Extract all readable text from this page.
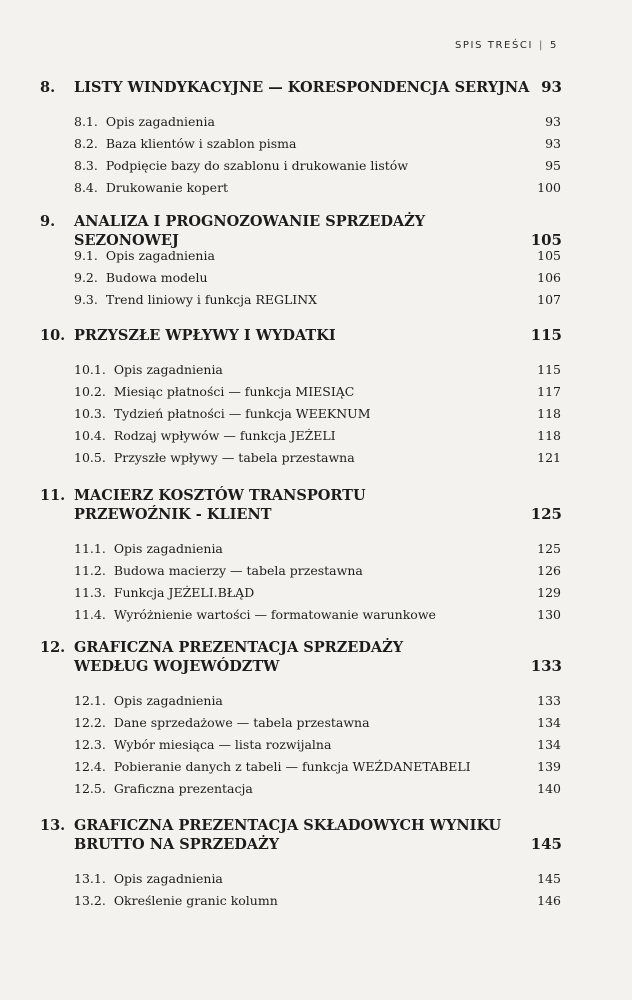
SPIS TREŚCI | 5
8.	LISTY WINDYKACYJNE — KORESPONDENCJA SERYJNA 93
8.1. Opis zagadnienia	93
8.2. Baza klientów i szablon pisma	93
8.3. Podpięcie bazy do szablonu i drukowanie listów	95
8.4. Drukowanie kopert	100
9.	ANALIZA I PROGNOZOWANIE SPRZEDAŻY SEZONOWEJ	105
9.1. Opis zagadnienia	105
9.2. Budowa modelu	106
9.3. Trend liniowy i funkcja REGLINX	107
10. PRZYSZŁE WPŁYWY I WYDATKI	115
10.1. Opis zagadnienia	115
10.2. Miesiąc płatności — funkcja MIESIĄC	117
10.3. Tydzień płatności — funkcja WEEKNUM	118
10.4. Rodzaj wpływów — funkcja JEŻELI	118
10.5. Przyszłe wpływy — tabela przestawna	121
11. MACIERZ KOSZTÓW TRANSPORTU
PRZEWOŹNIK - KLIENT	125
11.1. Opis zagadnienia	125
11.2. Budowa macierzy — tabela przestawna	126
11.3. Funkcja JEŻELI.BŁĄD	129
11.4. Wyróżnienie wartości — formatowanie warunkowe	130
12. GRAFICZNA PREZENTACJA SPRZEDAŻY
WEDŁUG WOJEWÓDZTW	133
12.1. Opis zagadnienia	133
12.2. Dane sprzedażowe — tabela przestawna	134
12.3. Wybór miesiąca — lista rozwijalna	134
12.4. Pobieranie danych z tabeli — funkcja WEŹDANETABELI	139
12.5. Graficzna prezentacja	140
13. GRAFICZNA PREZENTACJA SKŁADOWYCH WYNIKU
BRUTTO NA SPRZEDAŻY	145
13.1. Opis zagadnienia	145
13.2. Określenie granic kolumn	146
